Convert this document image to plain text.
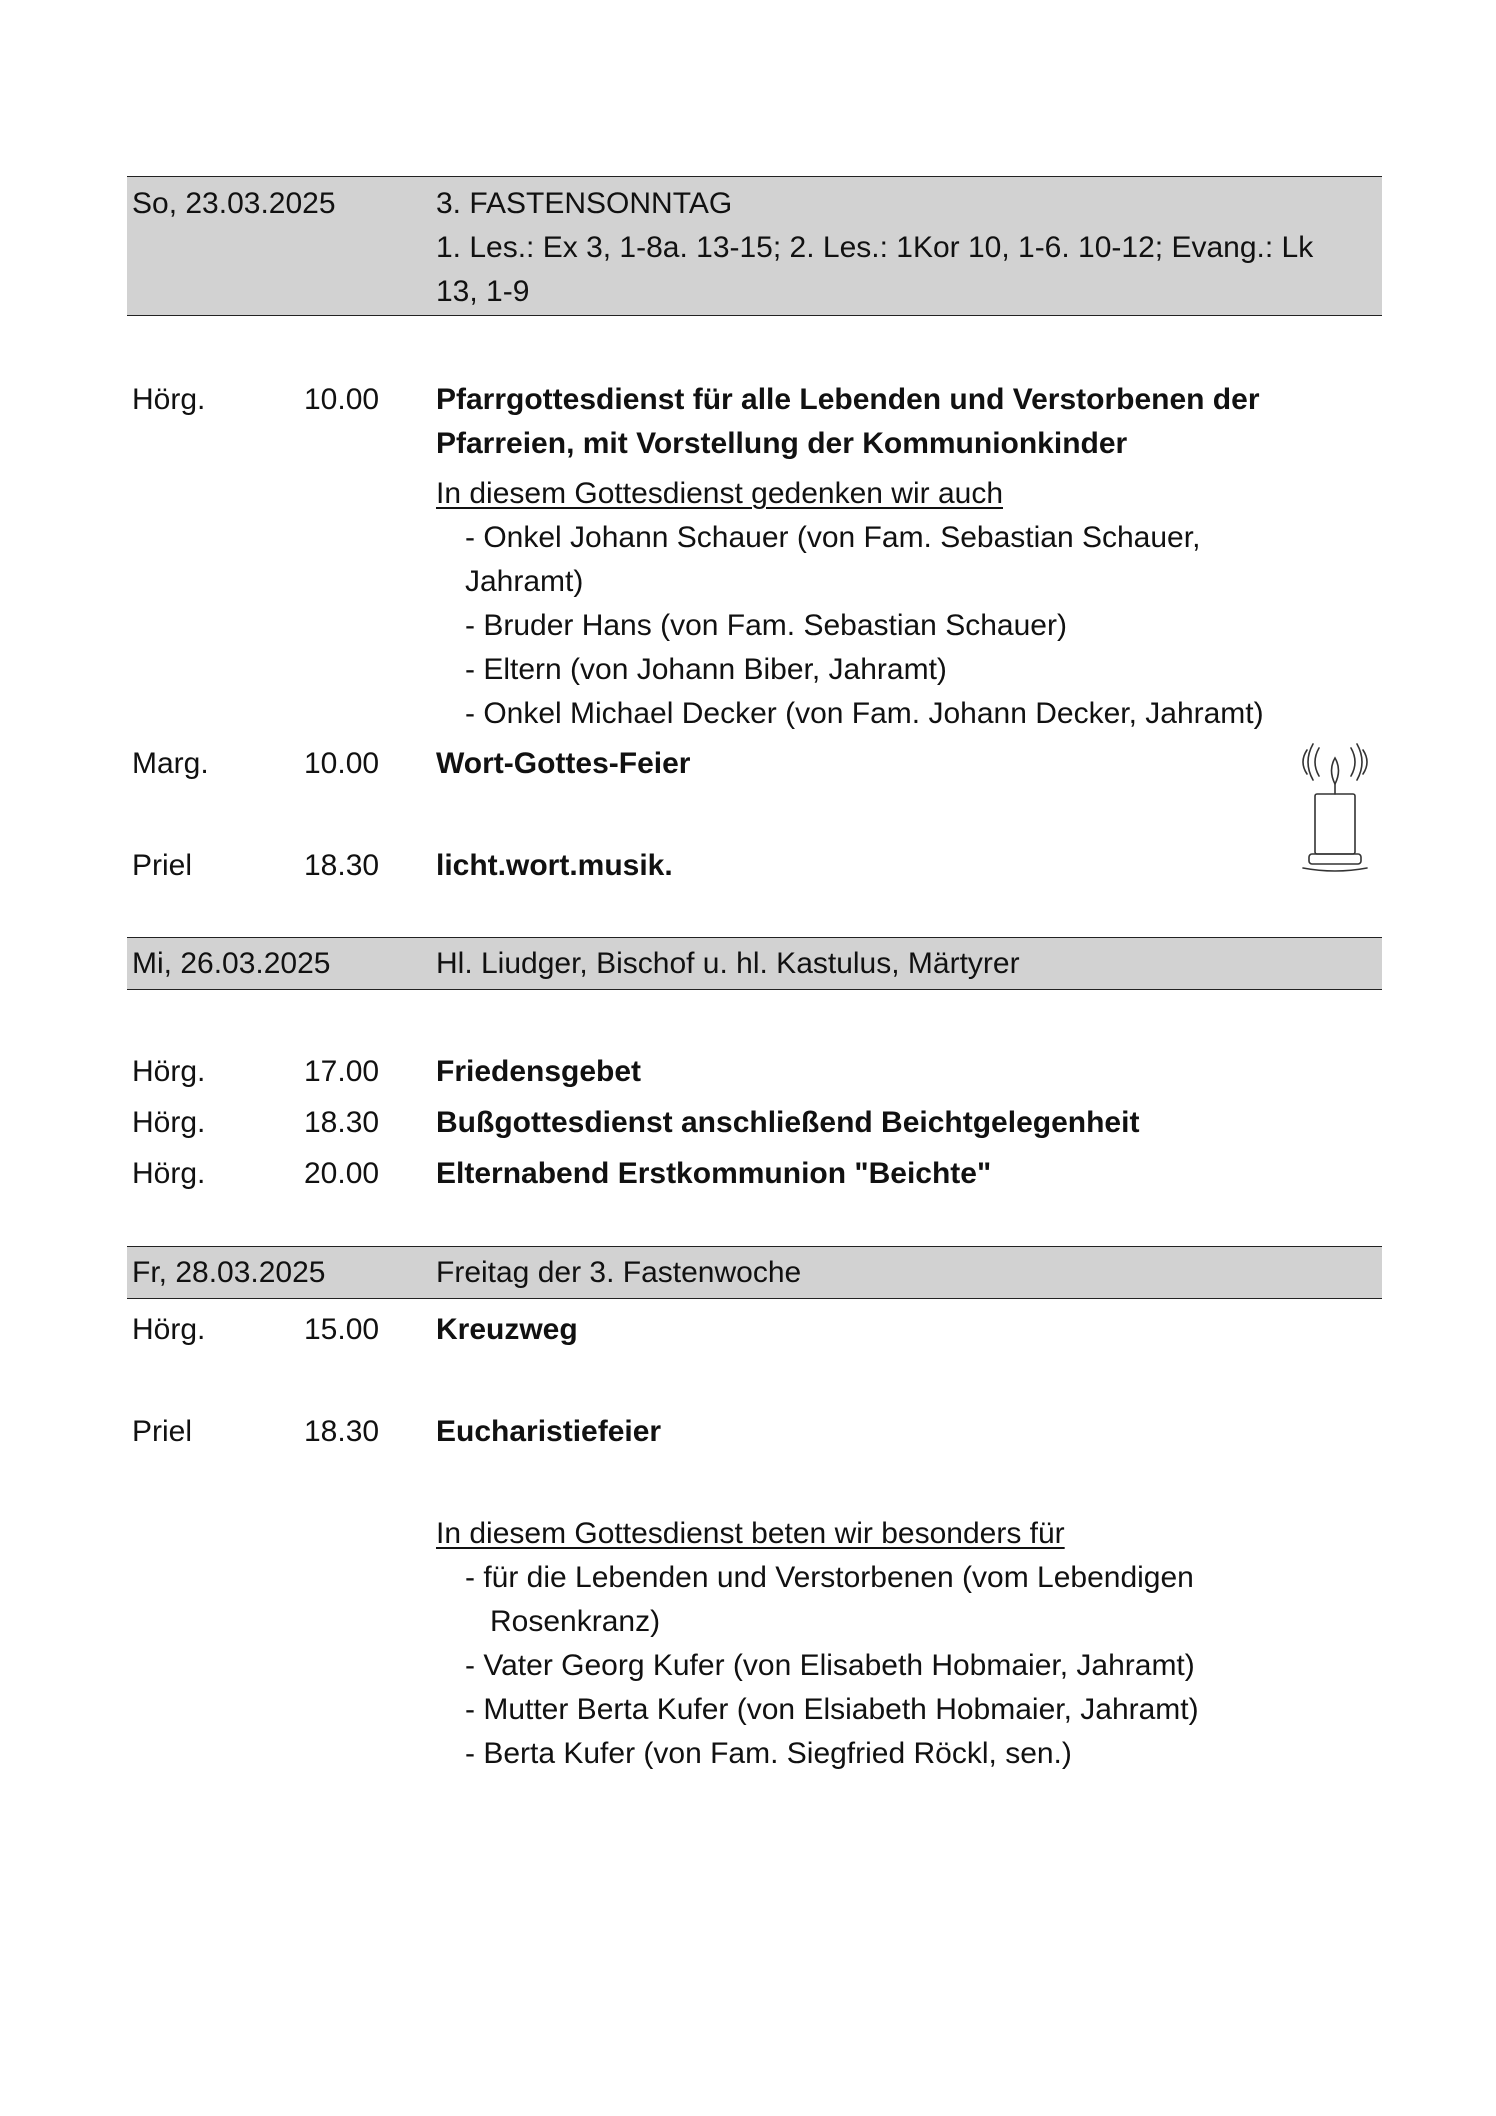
So, 23.03.2025	3. FASTENSONNTAG
1. Les.: Ex 3, 1-8a. 13-15; 2. Les.: 1Kor 10, 1-6. 10-12; Evang.: Lk
13, 1-9
Hörg.	10.00 Pfarrgottesdienst für alle Lebenden und Verstorbenen der
Pfarreien, mit Vorstellung der Kommunionkinder
In diesem Gottesdienst gedenken wir auch
- Onkel Johann Schauer (von Fam. Sebastian Schauer,
Jahramt)
- Bruder Hans (von Fam. Sebastian Schauer)
- Eltern (von Johann Biber, Jahramt)
- Onkel Michael Decker (von Fam. Johann Decker, Jahramt)
Marg.	10.00 Wort-Gottes-Feier
Priel	18.30 licht.wort.musik.
Mi, 26.03.2025	Hl. Liudger, Bischof u. hl. Kastulus, Märtyrer
Hörg.	17.00 Friedensgebet
Hörg.	18.30 Bußgottesdienst anschließend Beichtgelegenheit
Hörg.	20.00 Elternabend Erstkommunion "Beichte"
Fr, 28.03.2025	Freitag der 3. Fastenwoche
Hörg.	15.00 Kreuzweg
Priel	18.30 Eucharistiefeier
In diesem Gottesdienst beten wir besonders für
- für die Lebenden und Verstorbenen (vom Lebendigen
Rosenkranz)
- Vater Georg Kufer (von Elisabeth Hobmaier, Jahramt)
- Mutter Berta Kufer (von Elsiabeth Hobmaier, Jahramt)
- Berta Kufer (von Fam. Siegfried Röckl, sen.)
